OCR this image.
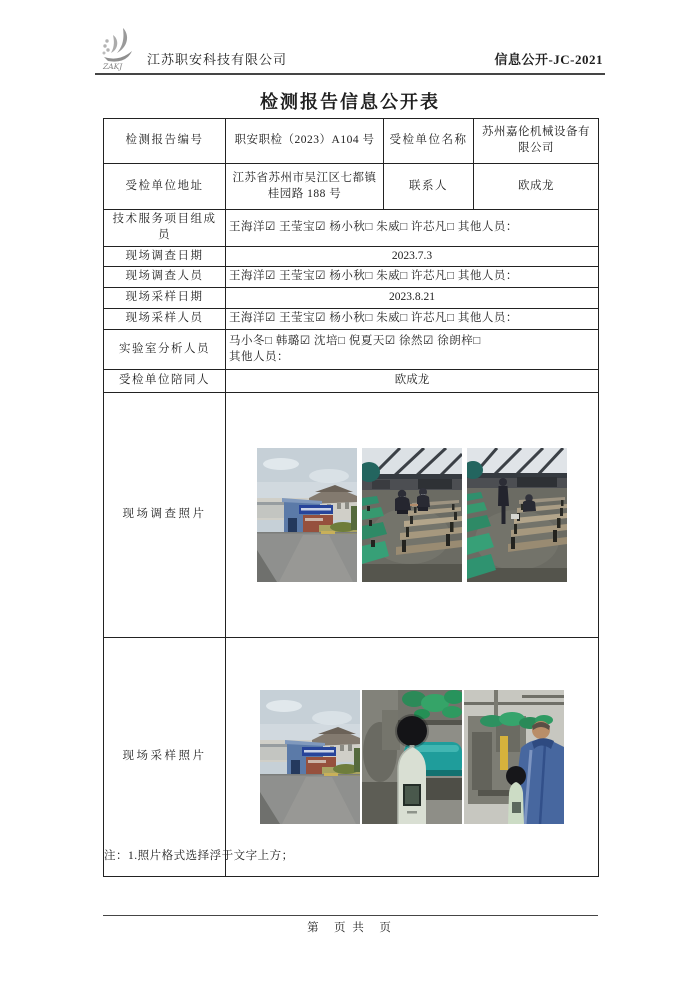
ZAKJ 江苏职安科技有限公司	信息公开-JC-2021
检测报告信息公开表
检测报告编号	职安职检（2023）A104 号	受检单位名称	苏州嘉伦机械设备有限公司
受检单位地址	江苏省苏州市吴江区七都镇桂园路 188 号	联系人	欧成龙
技术服务项目组成员	王海洋☑ 王莹宝☑ 杨小秋□ 朱威□ 许芯凡□ 其他人员：		
现场调查日期	2023.7.3		
现场调查人员	王海洋☑ 王莹宝☑ 杨小秋□ 朱威□ 许芯凡□ 其他人员：		
现场采样日期	2023.8.21		
现场采样人员	王海洋☑ 王莹宝☑ 杨小秋□ 朱威□ 许芯凡□ 其他人员：		
实验室分析人员	马小冬□ 韩璐☑ 沈培□ 倪夏天☑ 徐然☑ 徐朗梓□
其他人员：		

受检单位陪同人	欧成龙		
现场调查照片	

现场采样照片	

注：1.照片格式选择浮于文字上方；

第　页 共　页
